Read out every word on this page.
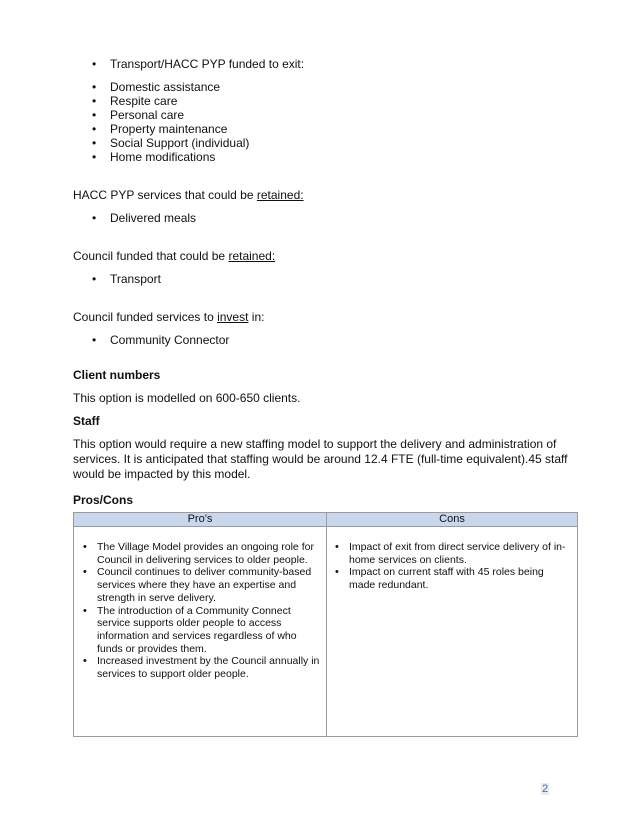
• Transport/HACC PYP funded to exit:
• Domestic assistance
• Respite care
• Personal care
• Property maintenance
• Social Support (individual)
• Home modifications
HACC PYP services that could be retained:
• Delivered meals
Council funded that could be retained:
• Transport
Council funded services to invest in:
• Community Connector
Client numbers
This option is modelled on 600-650 clients.
Staff
This option would require a new staffing model to support the delivery and administration of services. It is anticipated that staffing would be around 12.4 FTE (full-time equivalent).45 staff would be impacted by this model.
Pros/Cons
Pro’s	Cons
• The Village Model provides an ongoing role for Council in delivering services to older people.
• Council continues to deliver community-based services where they have an expertise and strength in serve delivery.
• The introduction of a Community Connect service supports older people to access information and services regardless of who funds or provides them.
• Increased investment by the Council annually in services to support older people.
• Impact of exit from direct service delivery of in-home services on clients.
• Impact on current staff with 45 roles being made redundant.
2
